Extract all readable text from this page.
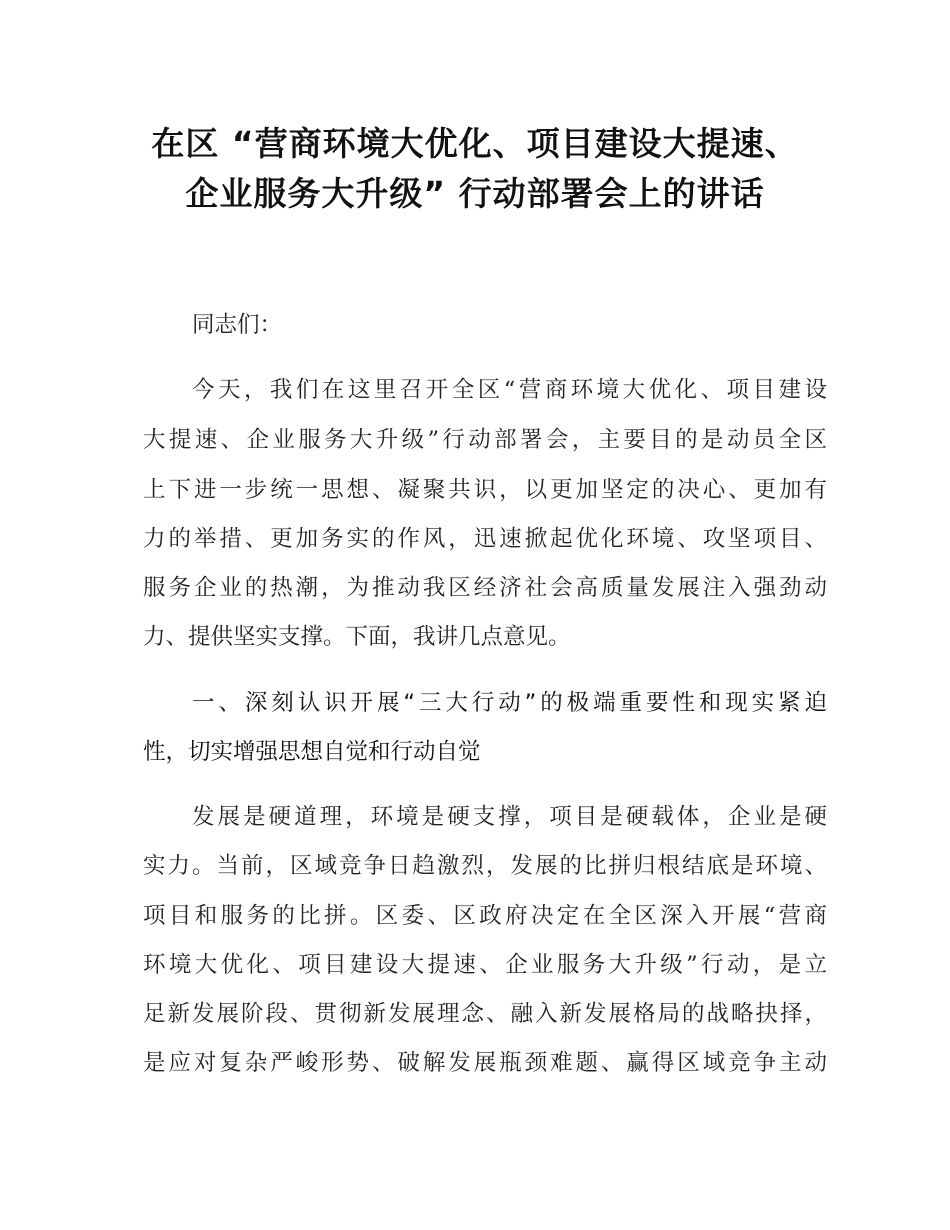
在区 “营商环境大优化、项目建设大提速、
企业服务大升级” 行动部署会上的讲话
同志们：
今天，我们在这里召开全区“营商环境大优化、项目建设
大提速、企业服务大升级”行动部署会，主要目的是动员全区
上下进一步统一思想、凝聚共识，以更加坚定的决心、更加有
力的举措、更加务实的作风，迅速掀起优化环境、攻坚项目、
服务企业的热潮，为推动我区经济社会高质量发展注入强劲动
力、提供坚实支撑。下面，我讲几点意见。
一、深刻认识开展“三大行动”的极端重要性和现实紧迫
性，切实增强思想自觉和行动自觉
发展是硬道理，环境是硬支撑，项目是硬载体，企业是硬
实力。当前，区域竞争日趋激烈，发展的比拼归根结底是环境、
项目和服务的比拼。区委、区政府决定在全区深入开展“营商
环境大优化、项目建设大提速、企业服务大升级”行动，是立
足新发展阶段、贯彻新发展理念、融入新发展格局的战略抉择，
是应对复杂严峻形势、破解发展瓶颈难题、赢得区域竞争主动
